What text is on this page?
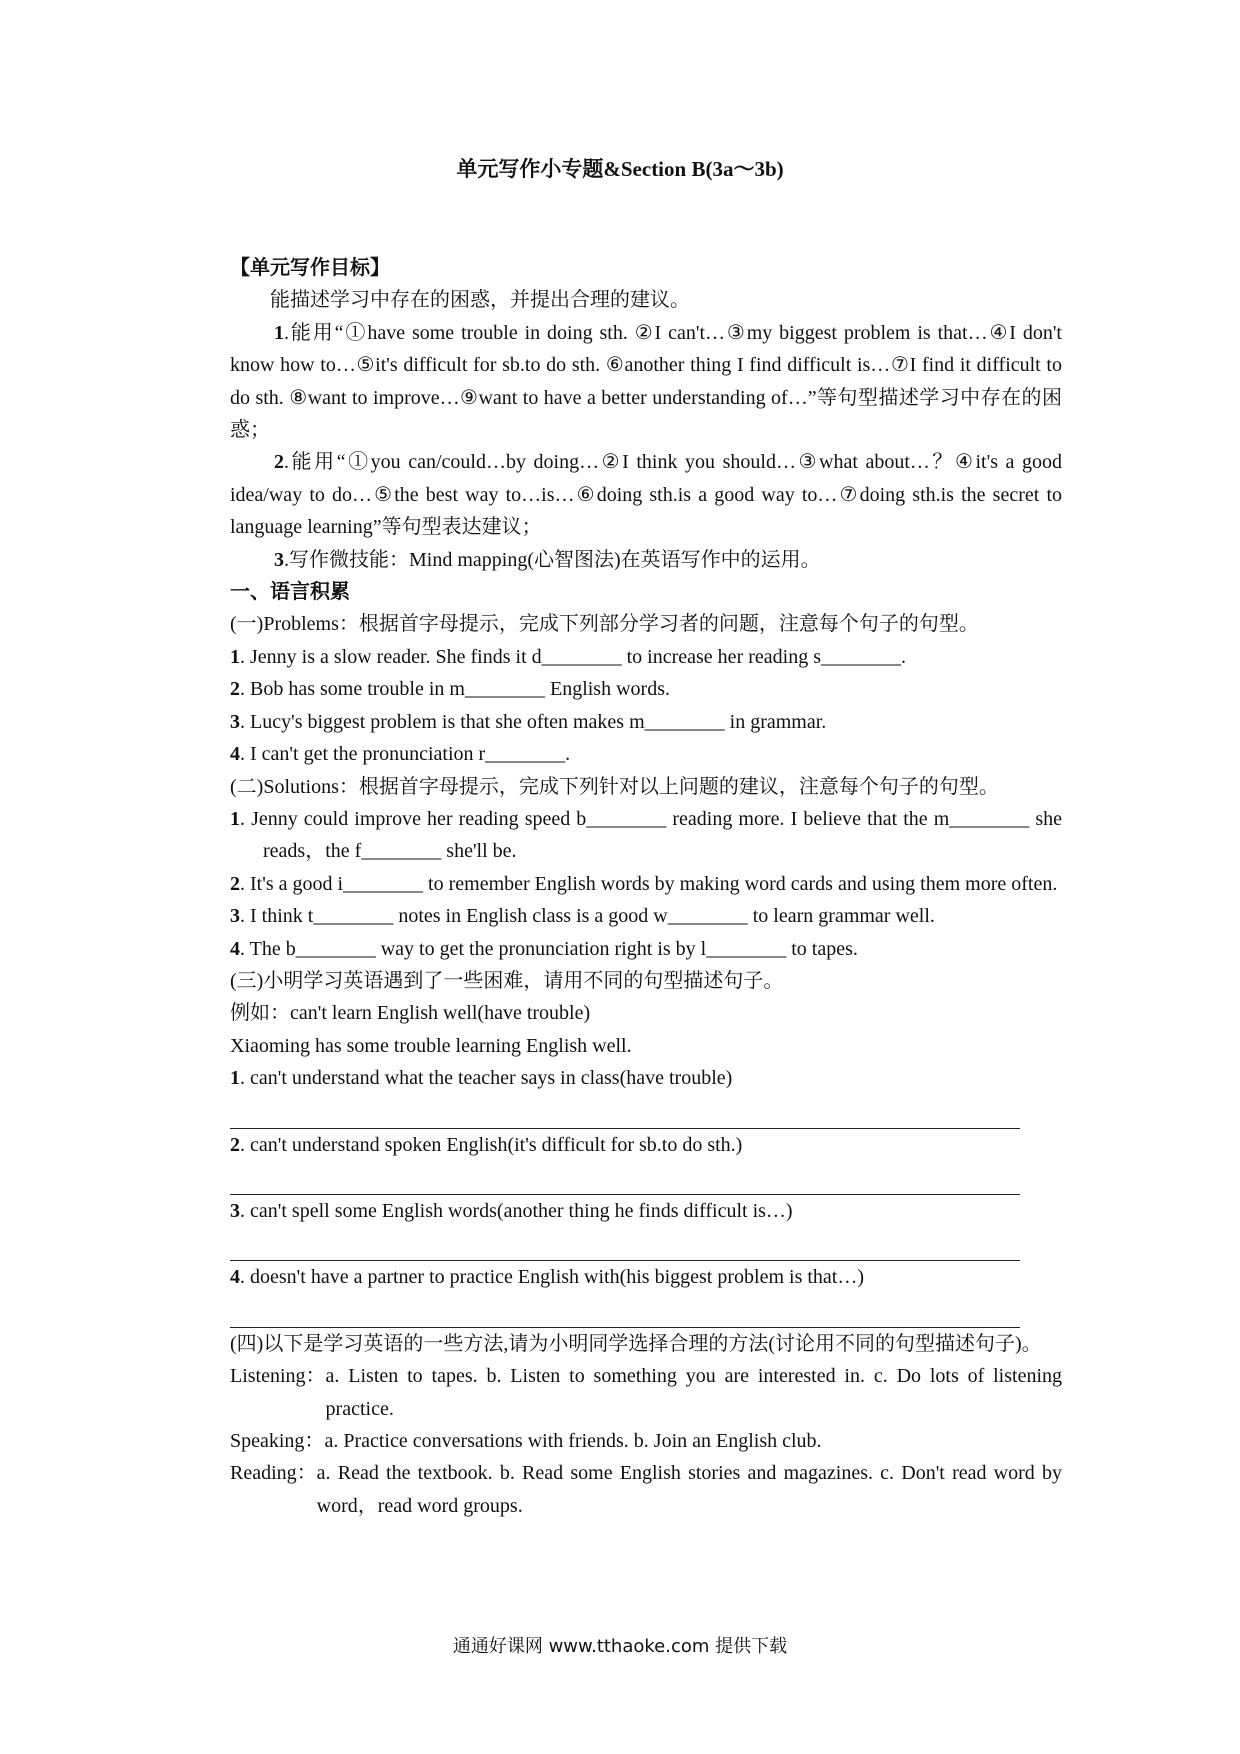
单元写作小专题&Section B(3a～3b)

【单元写作目标】

能描述学习中存在的困惑，并提出合理的建议。

1.能用“①have some trouble in doing sth. ②I can't…③my biggest problem is that…④I don't know how to…⑤it's difficult for sb.to do sth. ⑥another thing I find difficult is…⑦I find it difficult to do sth. ⑧want to improve…⑨want to have a better understanding of…”等句型描述学习中存在的困惑；

2.能用“①you can/could…by doing…②I think you should…③what about…？④it's a good idea/way to do…⑤the best way to…is…⑥doing sth.is a good way to…⑦doing sth.is the secret to language learning”等句型表达建议；

3.写作微技能：Mind mapping(心智图法)在英语写作中的运用。

一、语言积累

(一)Problems：根据首字母提示，完成下列部分学习者的问题，注意每个句子的句型。

1. Jenny is a slow reader. She finds it d________ to increase her reading s________.

2. Bob has some trouble in m________ English words.

3. Lucy's biggest problem is that she often makes m________ in grammar.

4. I can't get the pronunciation r________.

(二)Solutions：根据首字母提示，完成下列针对以上问题的建议，注意每个句子的句型。

1. Jenny could improve her reading speed b________ reading more. I believe that the m________ she reads，the f________ she'll be.

2. It's a good i________ to remember English words by making word cards and using them more often.

3. I think t________ notes in English class is a good w________ to learn grammar well.

4. The b________ way to get the pronunciation right is by l________ to tapes.

(三)小明学习英语遇到了一些困难，请用不同的句型描述句子。

例如：can't learn English well(have trouble)

Xiaoming has some trouble learning English well.

1. can't understand what the teacher says in class(have trouble)

2. can't understand spoken English(it's difficult for sb.to do sth.)

3. can't spell some English words(another thing he finds difficult is…)

4. doesn't have a partner to practice English with(his biggest problem is that…)

(四)以下是学习英语的一些方法,请为小明同学选择合理的方法(讨论用不同的句型描述句子)。

Listening： a. Listen to tapes. b. Listen to something you are interested in. c. Do lots of listening practice.
Speaking： a. Practice conversations with friends. b. Join an English club.
Reading： a. Read the textbook. b. Read some English stories and magazines. c. Don't read word by word，read word groups.
通通好课网 www.tthaoke.com 提供下载
